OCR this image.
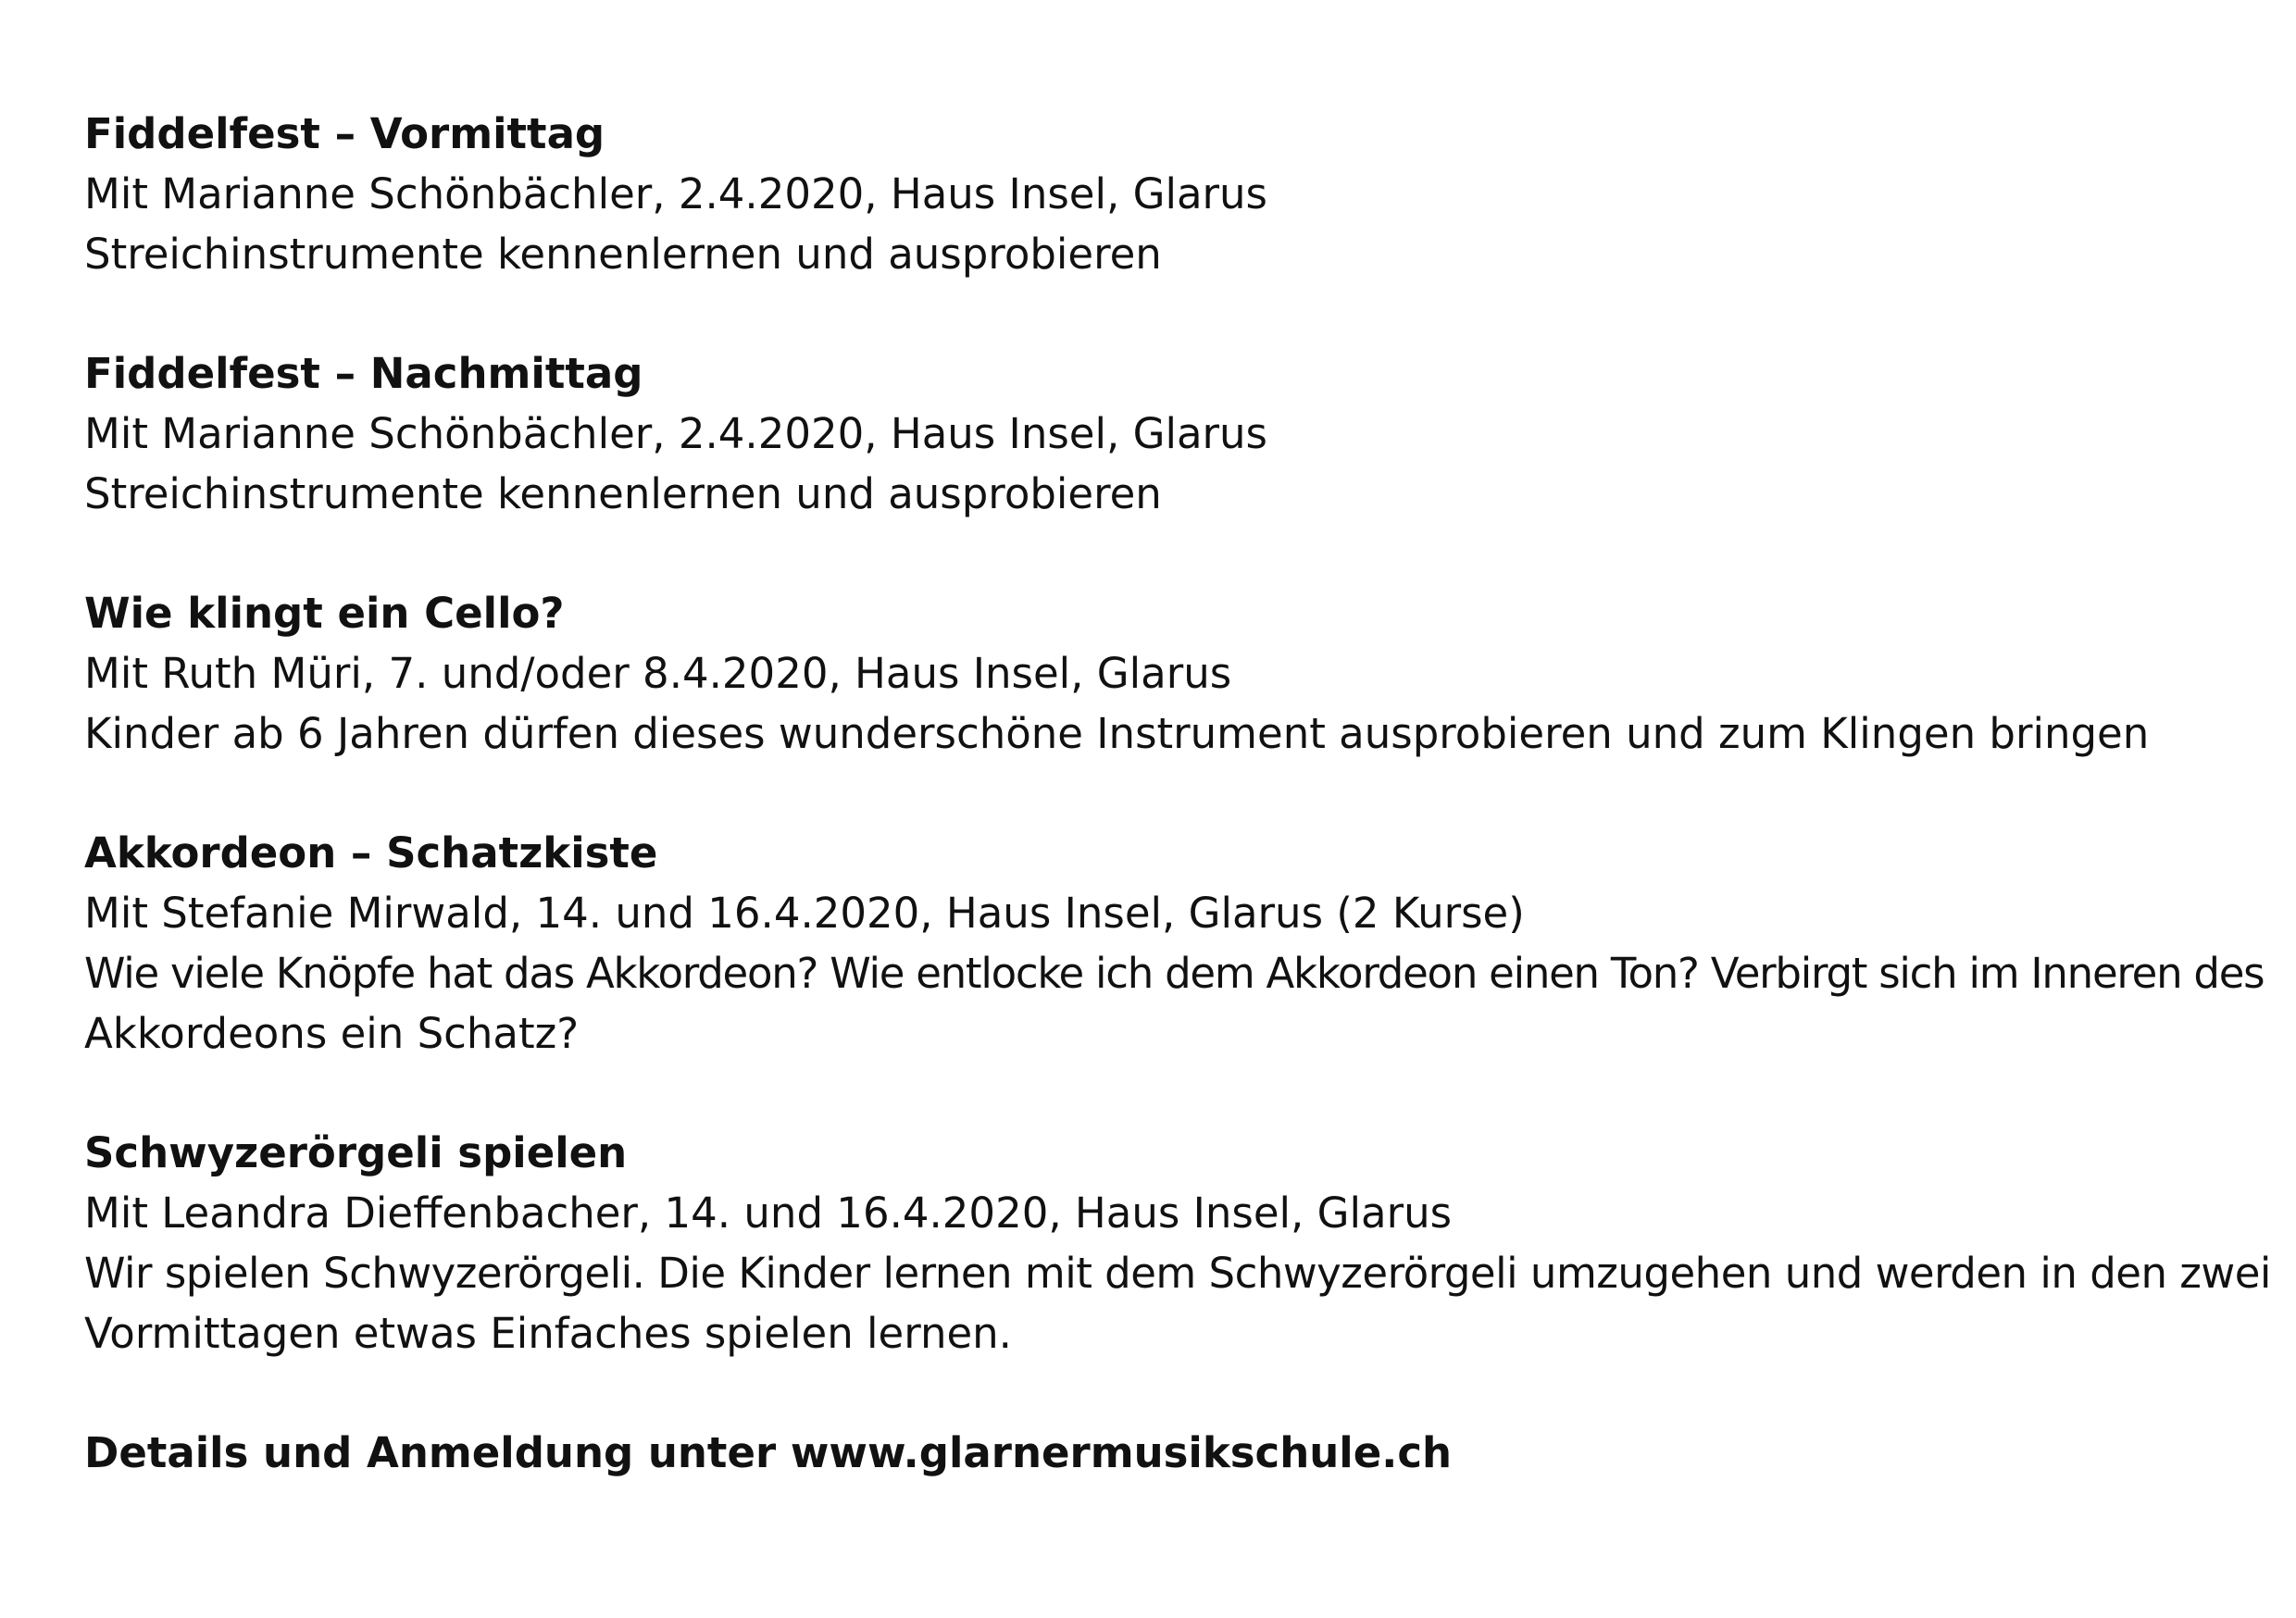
Fiddelfest – Vormittag
Mit Marianne Schönbächler, 2.4.2020, Haus Insel, Glarus
Streichinstrumente kennenlernen und ausprobieren
Fiddelfest – Nachmittag
Mit Marianne Schönbächler, 2.4.2020, Haus Insel, Glarus
Streichinstrumente kennenlernen und ausprobieren
Wie klingt ein Cello?
Mit Ruth Müri, 7. und/oder 8.4.2020, Haus Insel, Glarus
Kinder ab 6 Jahren dürfen dieses wunderschöne Instrument ausprobieren und zum Klingen bringen
Akkordeon – Schatzkiste
Mit Stefanie Mirwald, 14. und 16.4.2020, Haus Insel, Glarus (2 Kurse)
Wie viele Knöpfe hat das Akkordeon? Wie entlocke ich dem Akkordeon einen Ton? Verbirgt sich im Inneren des
Akkordeons ein Schatz?
Schwyzerörgeli spielen
Mit Leandra Dieffenbacher, 14. und 16.4.2020, Haus Insel, Glarus
Wir spielen Schwyzerörgeli. Die Kinder lernen mit dem Schwyzerörgeli umzugehen und werden in den zwei
Vormittagen etwas Einfaches spielen lernen.
Details und Anmeldung unter www.glarnermusikschule.ch
